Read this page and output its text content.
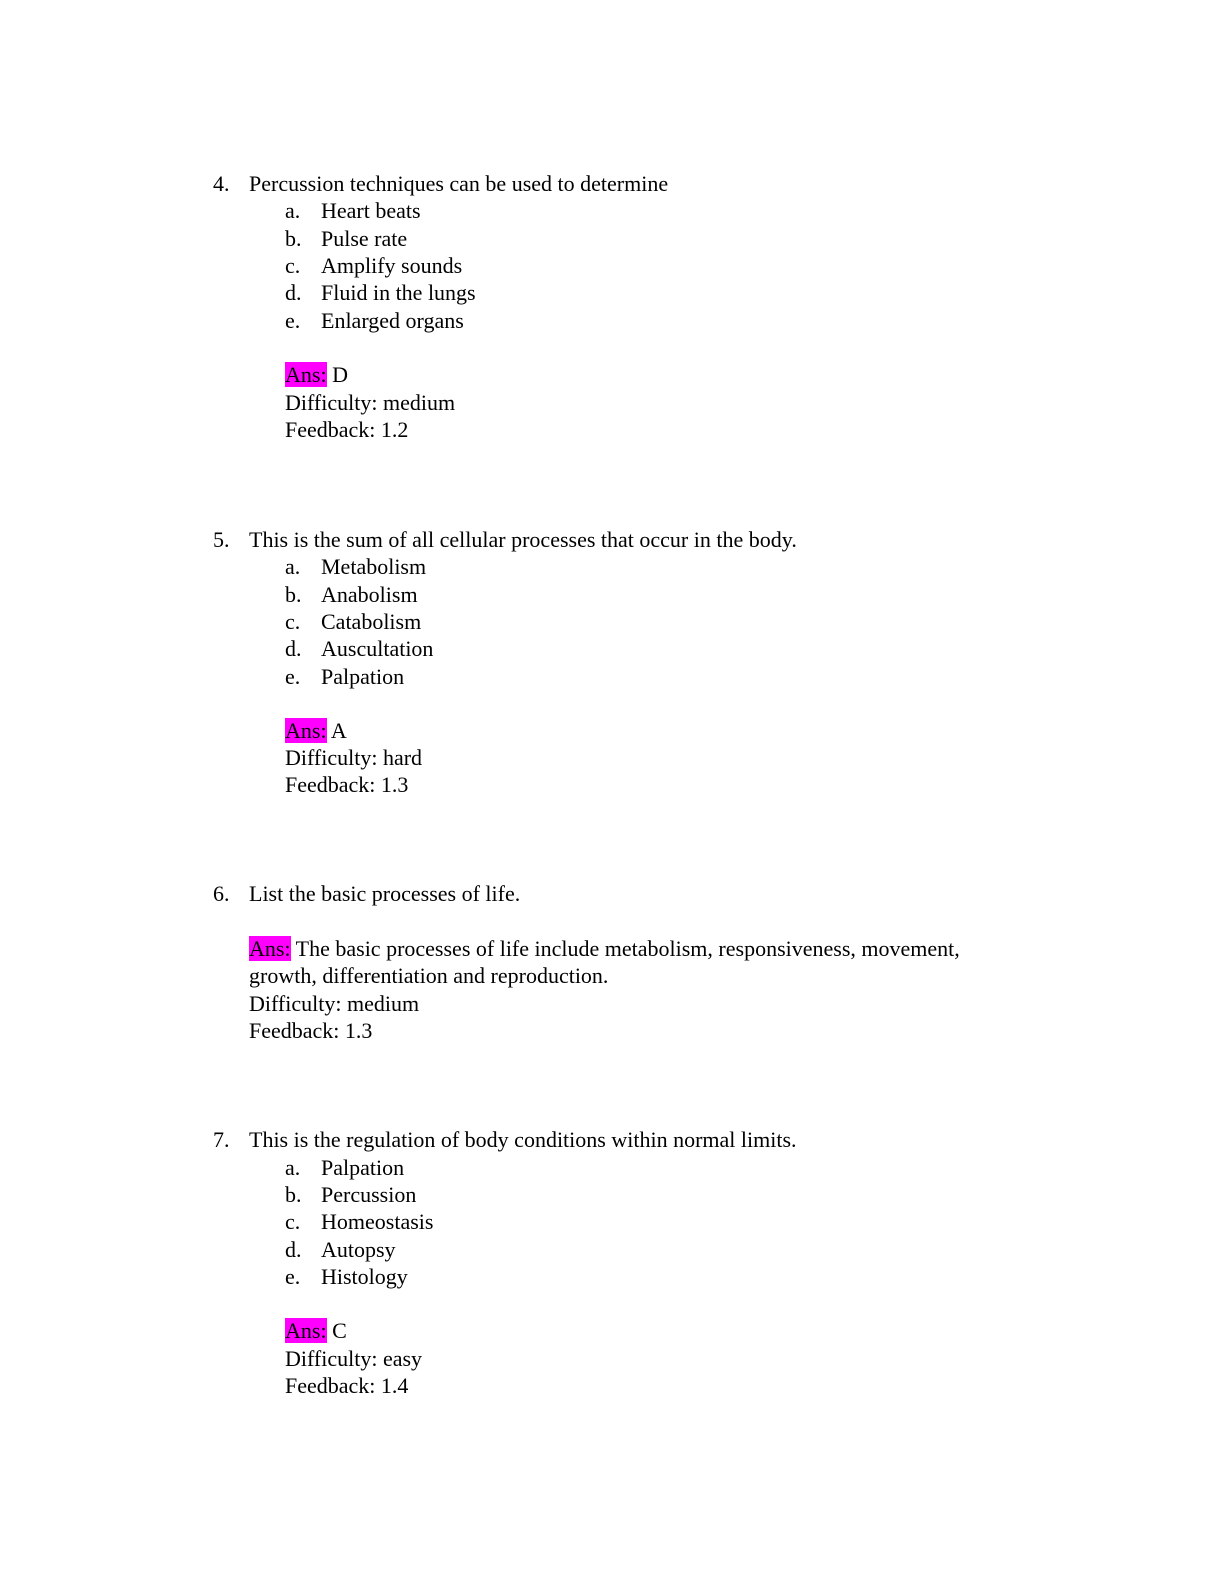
4. Percussion techniques can be used to determine
a. Heart beats
b. Pulse rate
c. Amplify sounds
d. Fluid in the lungs
e. Enlarged organs
Ans: D
Difficulty: medium
Feedback: 1.2
5. This is the sum of all cellular processes that occur in the body.
a. Metabolism
b. Anabolism
c. Catabolism
d. Auscultation
e. Palpation
Ans: A
Difficulty: hard
Feedback: 1.3
6. List the basic processes of life.
Ans: The basic processes of life include metabolism, responsiveness, movement,
growth, differentiation and reproduction.
Difficulty: medium
Feedback: 1.3
7. This is the regulation of body conditions within normal limits.
a. Palpation
b. Percussion
c. Homeostasis
d. Autopsy
e. Histology
Ans: C
Difficulty: easy
Feedback: 1.4
